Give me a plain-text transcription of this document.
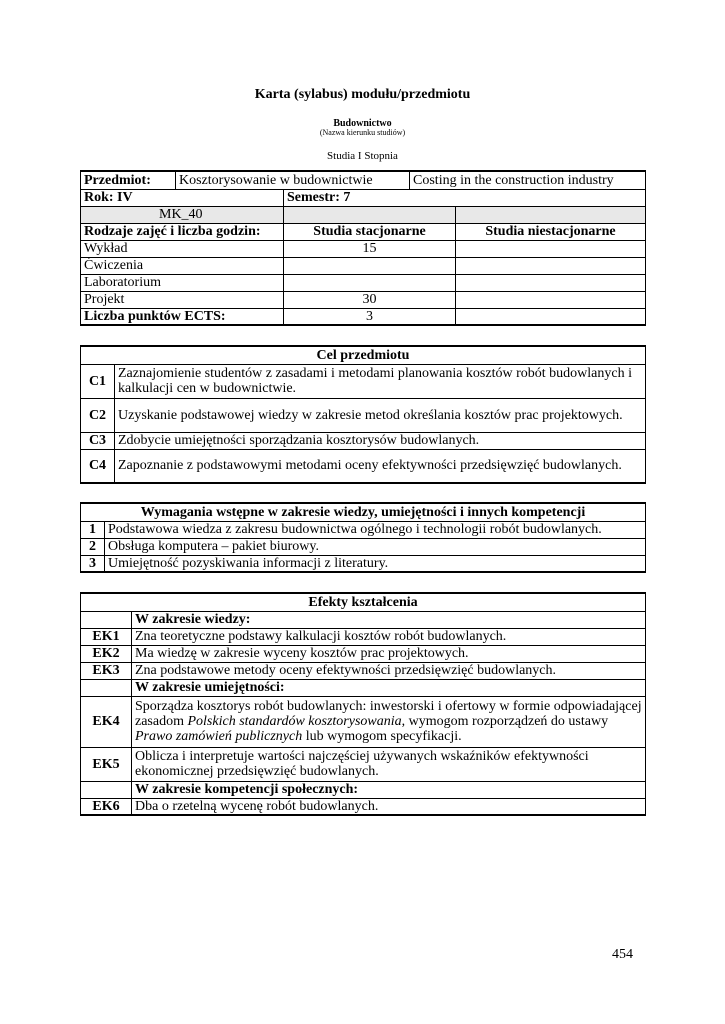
Karta (sylabus) modułu/przedmiotu
Budownictwo
(Nazwa kierunku studiów)
Studia I Stopnia
Przedmiot:	Kosztorysowanie w budownictwie		Costing in the construction industry	
Rok: IV		Semestr: 7		
MK_40				
Rodzaje zajęć i liczba godzin:		Studia stacjonarne		Studia niestacjonarne
Wykład		15		
Ćwiczenia				
Laboratorium				
Projekt		30		
Liczba punktów ECTS:		3		
Cel przedmiotu	
C1	Zaznajomienie studentów z zasadami i metodami planowania kosztów robót budowlanych i kalkulacji cen w budownictwie.
C2	Uzyskanie podstawowej wiedzy w zakresie metod określania kosztów prac projektowych.
C3	Zdobycie umiejętności sporządzania kosztorysów budowlanych.
C4	Zapoznanie z podstawowymi metodami oceny efektywności przedsięwzięć budowlanych.
Wymagania wstępne w zakresie wiedzy, umiejętności i innych kompetencji	
1	Podstawowa wiedza z zakresu budownictwa ogólnego i technologii robót budowlanych.
2	Obsługa komputera – pakiet biurowy.
3	Umiejętność pozyskiwania informacji z literatury.
Efekty kształcenia	
	W zakresie wiedzy:
EK1	Zna teoretyczne podstawy kalkulacji kosztów robót budowlanych.
EK2	Ma wiedzę w zakresie wyceny kosztów prac projektowych.
EK3	Zna podstawowe metody oceny efektywności przedsięwzięć budowlanych.
	W zakresie umiejętności:
EK4	Sporządza kosztorys robót budowlanych: inwestorski i ofertowy w formie odpowiadającej zasadom Polskich standardów kosztorysowania, wymogom rozporządzeń do ustawy Prawo zamówień publicznych lub wymogom specyfikacji.
EK5	Oblicza i interpretuje wartości najczęściej używanych wskaźników efektywności ekonomicznej przedsięwzięć budowlanych.
	W zakresie kompetencji społecznych:
EK6	Dba o rzetelną wycenę robót budowlanych.
454
